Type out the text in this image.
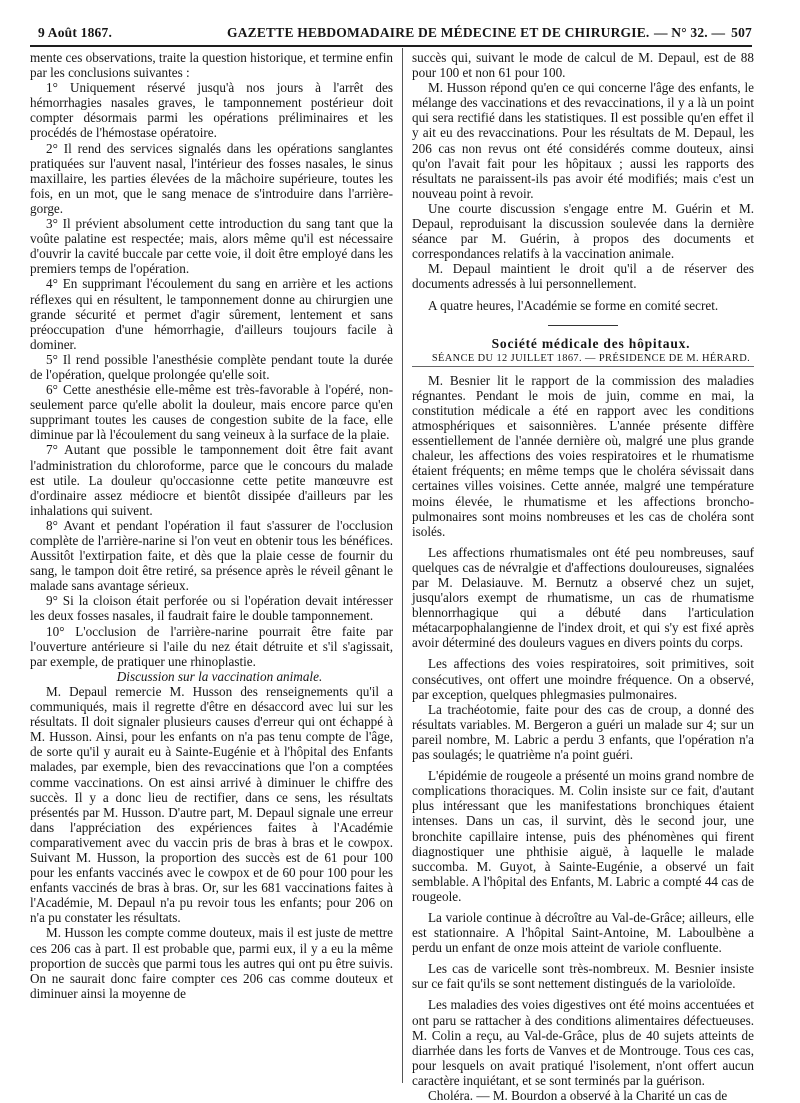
9 Août 1867.	GAZETTE HEBDOMADAIRE DE MÉDECINE ET DE CHIRURGIE. — N° 32. — 507

mente ces observations, traite la question historique, et termine enfin par les conclusions suivantes :

1° Uniquement réservé jusqu'à nos jours à l'arrêt des hémorrhagies nasales graves, le tamponnement postérieur doit compter désormais parmi les opérations préliminaires et les procédés de l'hémostase opératoire.

2° Il rend des services signalés dans les opérations sanglantes pratiquées sur l'auvent nasal, l'intérieur des fosses nasales, le sinus maxillaire, les parties élevées de la mâchoire supérieure, toutes les fois, en un mot, que le sang menace de s'introduire dans l'arrière-gorge.

3° Il prévient absolument cette introduction du sang tant que la voûte palatine est respectée; mais, alors même qu'il est nécessaire d'ouvrir la cavité buccale par cette voie, il doit être employé dans les premiers temps de l'opération.

4° En supprimant l'écoulement du sang en arrière et les actions réflexes qui en résultent, le tamponnement donne au chirurgien une grande sécurité et permet d'agir sûrement, lentement et sans préoccupation d'une hémorrhagie, d'ailleurs toujours facile à dominer.

5° Il rend possible l'anesthésie complète pendant toute la durée de l'opération, quelque prolongée qu'elle soit.

6° Cette anesthésie elle-même est très-favorable à l'opéré, non-seulement parce qu'elle abolit la douleur, mais encore parce qu'en supprimant toutes les causes de congestion subite de la face, elle diminue par là l'écoulement du sang veineux à la surface de la plaie.

7° Autant que possible le tamponnement doit être fait avant l'administration du chloroforme, parce que le concours du malade est utile. La douleur qu'occasionne cette petite manœuvre est d'ordinaire assez médiocre et bientôt dissipée d'ailleurs par les inhalations qui suivent.

8° Avant et pendant l'opération il faut s'assurer de l'occlusion complète de l'arrière-narine si l'on veut en obtenir tous les bénéfices. Aussitôt l'extirpation faite, et dès que la plaie cesse de fournir du sang, le tampon doit être retiré, sa présence après le réveil gênant le malade sans avantage sérieux.

9° Si la cloison était perforée ou si l'opération devait intéresser les deux fosses nasales, il faudrait faire le double tamponnement.

10° L'occlusion de l'arrière-narine pourrait être faite par l'ouverture antérieure si l'aile du nez était détruite et s'il s'agissait, par exemple, de pratiquer une rhinoplastie.

Discussion sur la vaccination animale.

M. Depaul remercie M. Husson des renseignements qu'il a communiqués, mais il regrette d'être en désaccord avec lui sur les résultats. Il doit signaler plusieurs causes d'erreur qui ont échappé à M. Husson. Ainsi, pour les enfants on n'a pas tenu compte de l'âge, de sorte qu'il y aurait eu à Sainte-Eugénie et à l'hôpital des Enfants malades, par exemple, bien des revaccinations que l'on a comptées comme vaccinations. On est ainsi arrivé à diminuer le chiffre des succès. Il y a donc lieu de rectifier, dans ce sens, les résultats présentés par M. Husson. D'autre part, M. Depaul signale une erreur dans l'appréciation des expériences faites à l'Académie comparativement avec du vaccin pris de bras à bras et le cowpox. Suivant M. Husson, la proportion des succès est de 61 pour 100 pour les enfants vaccinés avec le cowpox et de 60 pour 100 pour les enfants vaccinés de bras à bras. Or, sur les 681 vaccinations faites à l'Académie, M. Depaul n'a pu revoir tous les enfants; pour 206 on n'a pu constater les résultats.

M. Husson les compte comme douteux, mais il est juste de mettre ces 206 cas à part. Il est probable que, parmi eux, il y a eu la même proportion de succès que parmi tous les autres qui ont pu être suivis. On ne saurait donc faire compter ces 206 cas comme douteux et diminuer ainsi la moyenne de

succès qui, suivant le mode de calcul de M. Depaul, est de 88 pour 100 et non 61 pour 100.

M. Husson répond qu'en ce qui concerne l'âge des enfants, le mélange des vaccinations et des revaccinations, il y a là un point qui sera rectifié dans les statistiques. Il est possible qu'en effet il y ait eu des revaccinations. Pour les résultats de M. Depaul, les 206 cas non revus ont été considérés comme douteux, ainsi qu'on l'avait fait pour les hôpitaux ; aussi les rapports des résultats ne paraissent-ils pas avoir été modifiés; mais c'est un nouveau point à revoir.

Une courte discussion s'engage entre M. Guérin et M. Depaul, reproduisant la discussion soulevée dans la dernière séance par M. Guérin, à propos des documents et correspondances relatifs à la vaccination animale.

M. Depaul maintient le droit qu'il a de réserver des documents adressés à lui personnellement.

A quatre heures, l'Académie se forme en comité secret.

Société médicale des hôpitaux.

SÉANCE DU 12 JUILLET 1867. — PRÉSIDENCE DE M. HÉRARD.

M. Besnier lit le rapport de la commission des maladies régnantes. Pendant le mois de juin, comme en mai, la constitution médicale a été en rapport avec les conditions atmosphériques et saisonnières. L'année présente diffère essentiellement de l'année dernière où, malgré une plus grande chaleur, les affections des voies respiratoires et le rhumatisme étaient fréquents; en même temps que le choléra sévissait dans certaines villes voisines. Cette année, malgré une température moins élevée, le rhumatisme et les affections broncho-pulmonaires sont moins nombreuses et les cas de choléra sont isolés.

Les affections rhumatismales ont été peu nombreuses, sauf quelques cas de névralgie et d'affections douloureuses, signalées par M. Delasiauve. M. Bernutz a observé chez un sujet, jusqu'alors exempt de rhumatisme, un cas de rhumatisme blennorrhagique qui a débuté dans l'articulation métacarpophalangienne de l'index droit, et qui s'y est fixé après avoir déterminé des douleurs vagues en divers points du corps.

Les affections des voies respiratoires, soit primitives, soit consécutives, ont offert une moindre fréquence. On a observé, par exception, quelques phlegmasies pulmonaires.

La trachéotomie, faite pour des cas de croup, a donné des résultats variables. M. Bergeron a guéri un malade sur 4; sur un pareil nombre, M. Labric a perdu 3 enfants, que l'opération n'a pas soulagés; le quatrième n'a point guéri.

L'épidémie de rougeole a présenté un moins grand nombre de complications thoraciques. M. Colin insiste sur ce fait, d'autant plus intéressant que les manifestations bronchiques étaient intenses. Dans un cas, il survint, dès le second jour, une bronchite capillaire intense, puis des phénomènes qui firent diagnostiquer une phthisie aiguë, à laquelle le malade succomba. M. Guyot, à Sainte-Eugénie, a observé un fait semblable. A l'hôpital des Enfants, M. Labric a compté 44 cas de rougeole.

La variole continue à décroître au Val-de-Grâce; ailleurs, elle est stationnaire. A l'hôpital Saint-Antoine, M. Laboulbène a perdu un enfant de onze mois atteint de variole confluente.

Les cas de varicelle sont très-nombreux. M. Besnier insiste sur ce fait qu'ils se sont nettement distingués de la varioloïde.

Les maladies des voies digestives ont été moins accentuées et ont paru se rattacher à des conditions alimentaires défectueuses. M. Colin a reçu, au Val-de-Grâce, plus de 40 sujets atteints de diarrhée dans les forts de Vanves et de Montrouge. Tous ces cas, pour lesquels on avait pratiqué l'isolement, n'ont offert aucun caractère inquiétant, et se sont terminés par la guérison.

Choléra. — M. Bourdon a observé à la Charité un cas de
